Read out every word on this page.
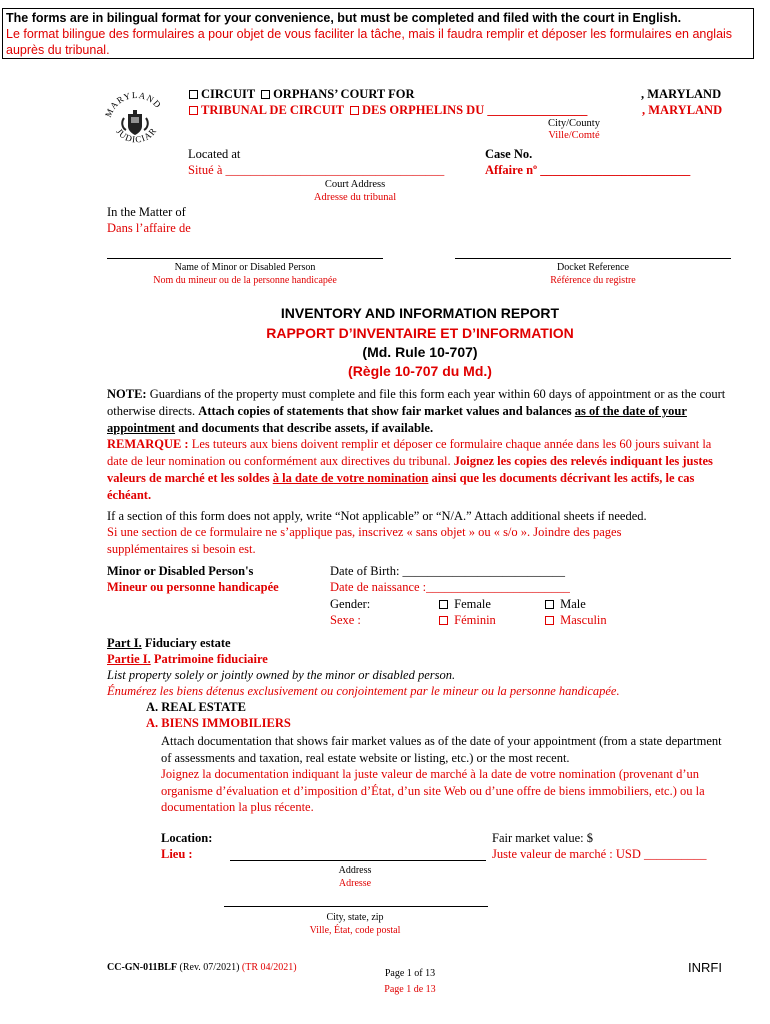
The forms are in bilingual format for your convenience, but must be completed and filed with the court in English.
Le format bilingue des formulaires a pour objet de vous faciliter la tâche, mais il faudra remplir et déposer les formulaires en anglais auprès du tribunal.
MARYLAND
JUDICIAR
CIRCUIT ORPHANS’ COURT FOR	, MARYLAND
TRIBUNAL DE CIRCUIT DES ORPHELINS DU ________________	, MARYLAND
City/County
Ville/Comté
Located at
Situé à ___________________________________
Court Address
Adresse du tribunal
Case No.
Affaire nº ________________________
In the Matter of
Dans l’affaire de
Name of Minor or Disabled Person
Nom du mineur ou de la personne handicapée
Docket Reference
Référence du registre
INVENTORY AND INFORMATION REPORT
RAPPORT D’INVENTAIRE ET D’INFORMATION
(Md. Rule 10-707)
(Règle 10-707 du Md.)
NOTE: Guardians of the property must complete and file this form each year within 60 days of appointment or as the court otherwise directs. Attach copies of statements that show fair market values and balances as of the date of your appointment and documents that describe assets, if available.
REMARQUE : Les tuteurs aux biens doivent remplir et déposer ce formulaire chaque année dans les 60 jours suivant la date de leur nomination ou conformément aux directives du tribunal. Joignez les copies des relevés indiquant les justes valeurs de marché et les soldes à la date de votre nomination ainsi que les documents décrivant les actifs, le cas échéant.
If a section of this form does not apply, write “Not applicable” or “N/A.” Attach additional sheets if needed.
Si une section de ce formulaire ne s’applique pas, inscrivez « sans objet » ou « s/o ». Joindre des pages supplémentaires si besoin est.
Minor or Disabled Person's
Mineur ou personne handicapée
Date of Birth: __________________________
Date de naissance :_______________________
Gender:
Sexe :
Female
Féminin
Male
Masculin
Part I. Fiduciary estate
Partie I. Patrimoine fiduciaire
List property solely or jointly owned by the minor or disabled person.
Énumérez les biens détenus exclusivement ou conjointement par le mineur ou la personne handicapée.
A. REAL ESTATE
A. BIENS IMMOBILIERS
Attach documentation that shows fair market values as of the date of your appointment (from a state department of assessments and taxation, real estate website or listing, etc.) or the most recent.
Joignez la documentation indiquant la juste valeur de marché à la date de votre nomination (provenant d’un organisme d’évaluation et d’imposition d’État, d’un site Web ou d’une offre de biens immobiliers, etc.) ou la documentation la plus récente.
Location:
Lieu :
Fair market value: $
Juste valeur de marché : USD __________
Address
Adresse
City, state, zip
Ville, État, code postal
CC-GN-011BLF (Rev. 07/2021) (TR 04/2021)
Page 1 of 13
Page 1 de 13
INRFI
